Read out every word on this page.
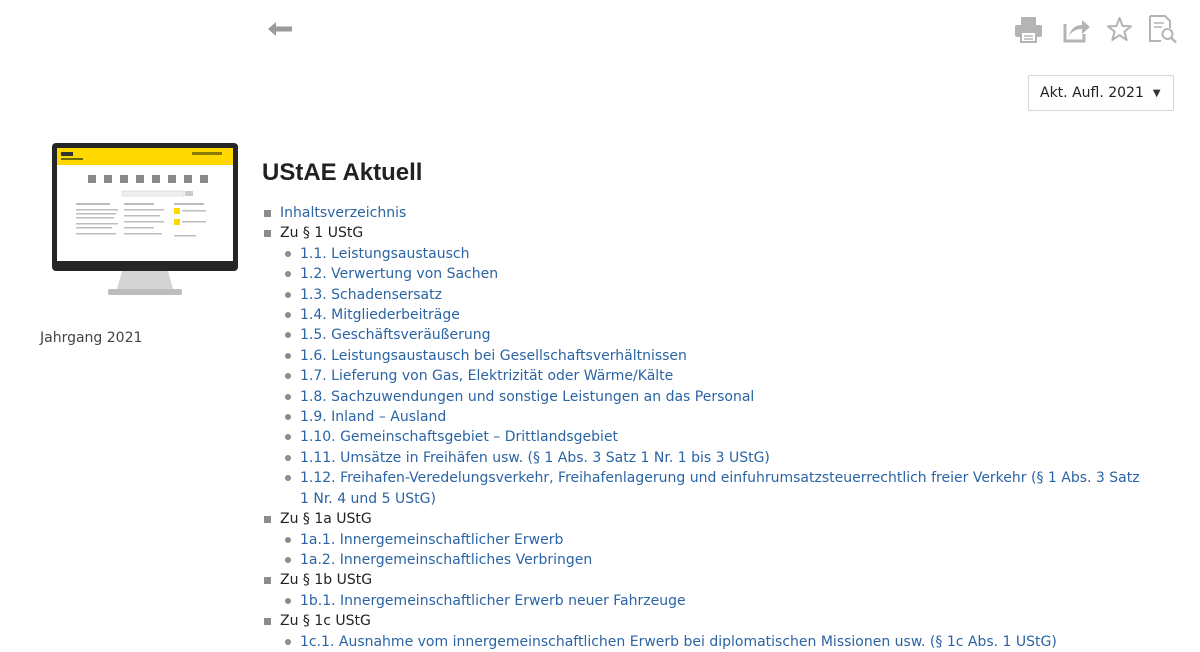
Akt. Aufl. 2021 ▼
Jahrgang 2021
UStAE Aktuell
Inhaltsverzeichnis
Zu § 1 UStG
1.1. Leistungsaustausch
1.2. Verwertung von Sachen
1.3. Schadensersatz
1.4. Mitgliederbeiträge
1.5. Geschäftsveräußerung
1.6. Leistungsaustausch bei Gesellschaftsverhältnissen
1.7. Lieferung von Gas, Elektrizität oder Wärme/Kälte
1.8. Sachzuwendungen und sonstige Leistungen an das Personal
1.9. Inland – Ausland
1.10. Gemeinschaftsgebiet – Drittlandsgebiet
1.11. Umsätze in Freihäfen usw. (§ 1 Abs. 3 Satz 1 Nr. 1 bis 3 UStG)
1.12. Freihafen-Veredelungsverkehr, Freihafenlagerung und einfuhrumsatzsteuerrechtlich freier Verkehr (§ 1 Abs. 3 Satz 1 Nr. 4 und 5 UStG)
Zu § 1a UStG
1a.1. Innergemeinschaftlicher Erwerb
1a.2. Innergemeinschaftliches Verbringen
Zu § 1b UStG
1b.1. Innergemeinschaftlicher Erwerb neuer Fahrzeuge
Zu § 1c UStG
1c.1. Ausnahme vom innergemeinschaftlichen Erwerb bei diplomatischen Missionen usw. (§ 1c Abs. 1 UStG)
